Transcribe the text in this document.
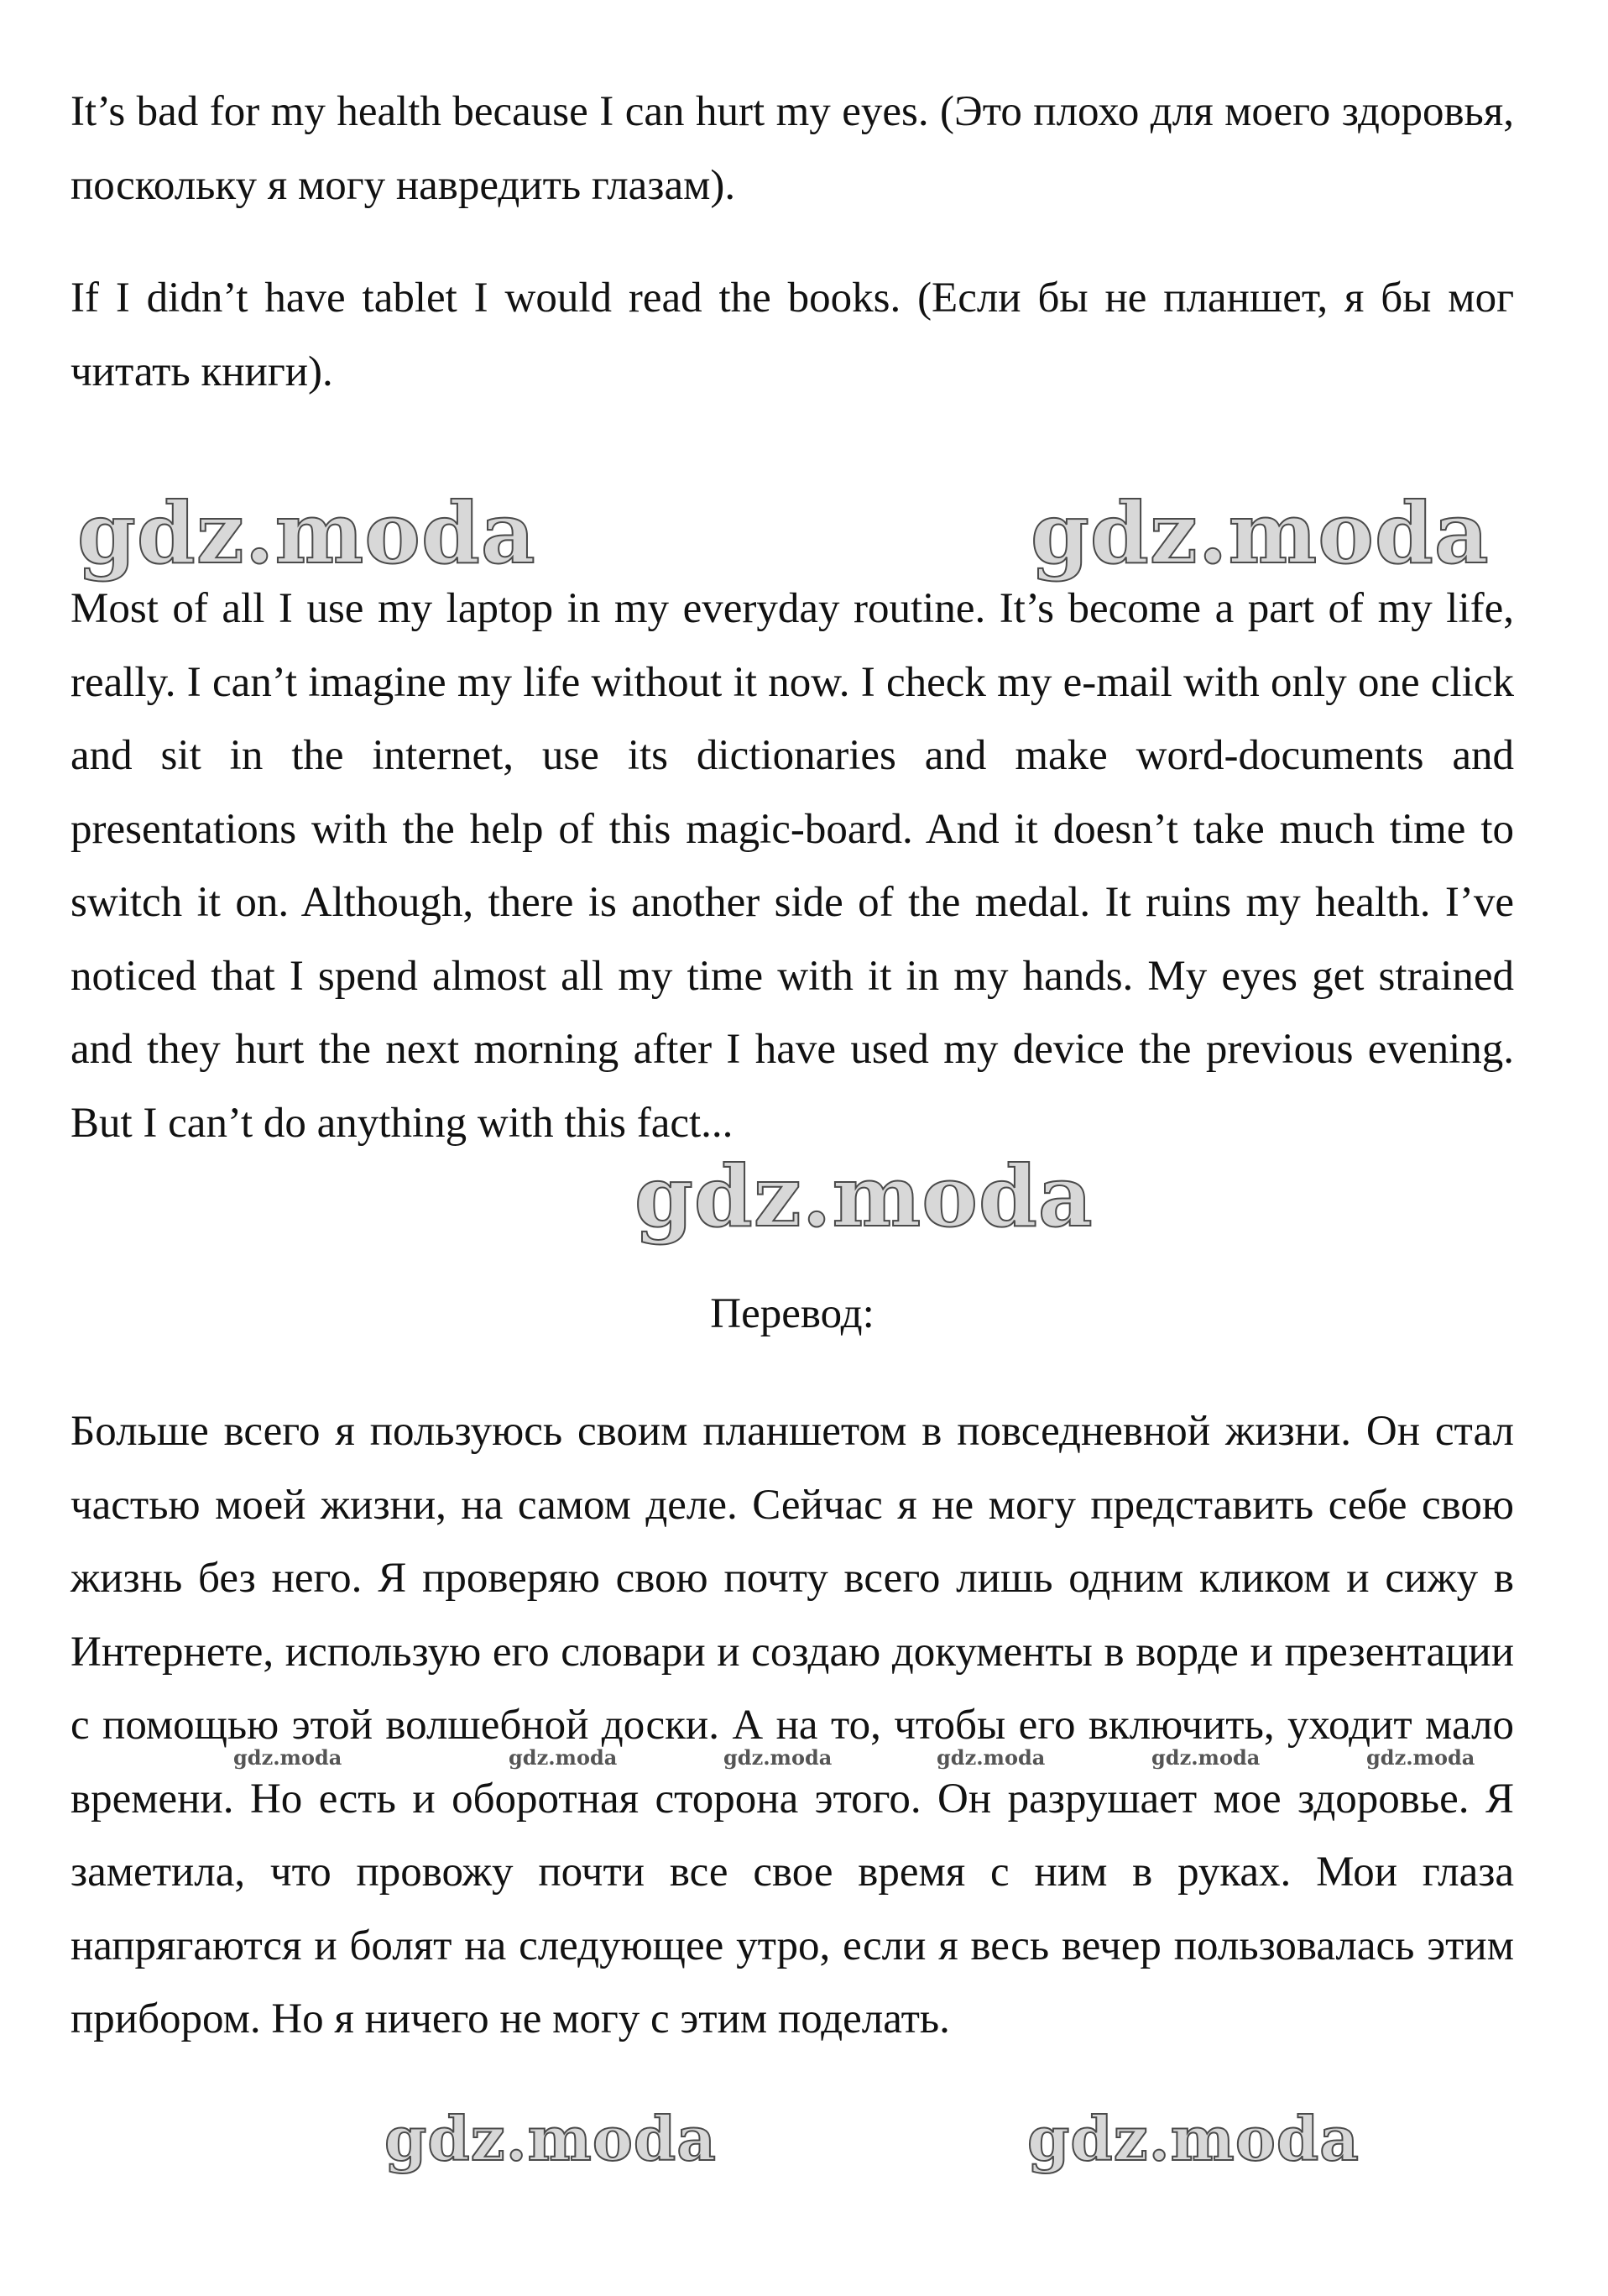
It’s bad for my health because I can hurt my eyes. (Это плохо для моего здоровья, поскольку я могу навредить глазам).

If I didn’t have tablet I would read the books. (Если бы не планшет, я бы мог читать книги).

gdz.moda	gdz.moda

Most of all I use my laptop in my everyday routine. It’s become a part of my life, really. I can’t imagine my life without it now. I check my e-mail with only one click and sit in the internet, use its dictionaries and make word-documents and presentations with the help of this magic-board. And it doesn’t take much time to switch it on. Although, there is another side of the medal. It ruins my health. I’ve noticed that I spend almost all my time with it in my hands. My eyes get strained and they hurt the next morning after I have used my device the previous evening. But I can’t do anything with this fact...

gdz.moda

Перевод:

Больше всего я пользуюсь своим планшетом в повседневной жизни. Он стал частью моей жизни, на самом деле. Сейчас я не могу представить себе свою жизнь без него. Я проверяю свою почту всего лишь одним кликом и сижу в Интернете, использую его словари и создаю документы в ворде и презентации с помощью этой волшебной доски. А на то, чтобы его включить, уходит мало времени. Но есть и оборотная сторона этого. Он разрушает мое здоровье. Я заметила, что провожу почти все свое время с ним в руках. Мои глаза напрягаются и болят на следующее утро, если я весь вечер пользовалась этим прибором. Но я ничего не могу с этим поделать.

gdz.moda	gdz.moda	gdz.moda	gdz.moda	gdz.moda	gdz.moda
gdz.moda	gdz.moda
